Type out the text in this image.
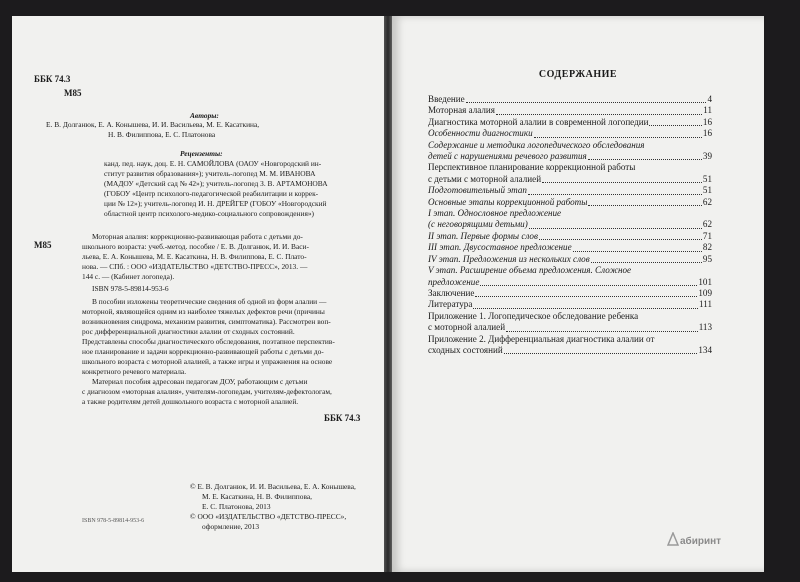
ББК 74.3
М85
Авторы:
Е. В. Долганюк, Е. А. Конышева, И. И. Васильева, М. Е. Касаткина,
Н. В. Филиппова, Е. С. Платонова
Рецензенты:
канд. пед. наук, доц. Е. Н. САМОЙЛОВА (ОАОУ «Новгородский ин-
ститут развития образования»); учитель-логопед М. М. ИВАНОВА
(МАДОУ «Детский сад № 42»); учитель-логопед З. В. АРТАМОНОВА
(ГОБОУ «Центр психолого-педагогической реабилитации и коррек-
ции № 12»); учитель-логопед И. Н. ДРЕЙГЕР (ГОБОУ «Новгородский
областной центр психолого-медико-социального сопровождения»)
М85
Моторная алалия: коррекционно-развивающая работа с детьми до-
школьного возраста: учеб.-метод. пособие / Е. В. Долганюк, И. И. Васи-
льева, Е. А. Конышева, М. Е. Касаткина, Н. В. Филиппова, Е. С. Плато-
нова. — СПб. : ООО «ИЗДАТЕЛЬСТВО «ДЕТСТВО-ПРЕСС», 2013. —
144 с. — (Кабинет логопеда).
ISBN 978-5-89814-953-6
В пособии изложены теоретические сведения об одной из форм алалии —
моторной, являющейся одним из наиболее тяжелых дефектов речи (причины
возникновения синдрома, механизм развития, симптоматика). Рассмотрен воп-
рос дифференциальной диагностики алалии от сходных состояний.
Представлены способы диагностического обследования, поэтапное перспектив-
ное планирование и задачи коррекционно-развивающей работы с детьми до-
школьного возраста с моторной алалией, а также игры и упражнения на основе
конкретного речевого материала.
Материал пособия адресован педагогам ДОУ, работающим с детьми
с диагнозом «моторная алалия», учителям-логопедам, учителям-дефектологам,
а также родителям детей дошкольного возраста с моторной алалией.
ББК 74.3
© Е. В. Долганюк, И. И. Васильева, Е. А. Конышева,
М. Е. Касаткина, Н. В. Филиппова,
Е. С. Платонова, 2013
© ООО «ИЗДАТЕЛЬСТВО «ДЕТСТВО-ПРЕСС»,
оформление, 2013
ISBN 978-5-89814-953-6
СОДЕРЖАНИЕ
Введение	4
Моторная алалия	11
Диагностика моторной алалии в современной логопедии	16
Особенности диагностики	16
Содержание и методика логопедического обследования
детей с нарушениями речевого развития	39
Перспективное планирование коррекционной работы
с детьми с моторной алалией	51
Подготовительный этап	51
Основные этапы коррекционной работы	62
I этап. Однословное предложение
(с неговорящими детьми)	62
II этап. Первые формы слов	71
III этап. Двусоставное предложение	82
IV этап. Предложения из нескольких слов	95
V этап. Расширение объема предложения. Сложное
предложение	101
Заключение	109
Литература	111
Приложение 1. Логопедическое обследование ребенка
с моторной алалией	113
Приложение 2. Дифференциальная диагностика алалии от
сходных состояний	134
абиринт
